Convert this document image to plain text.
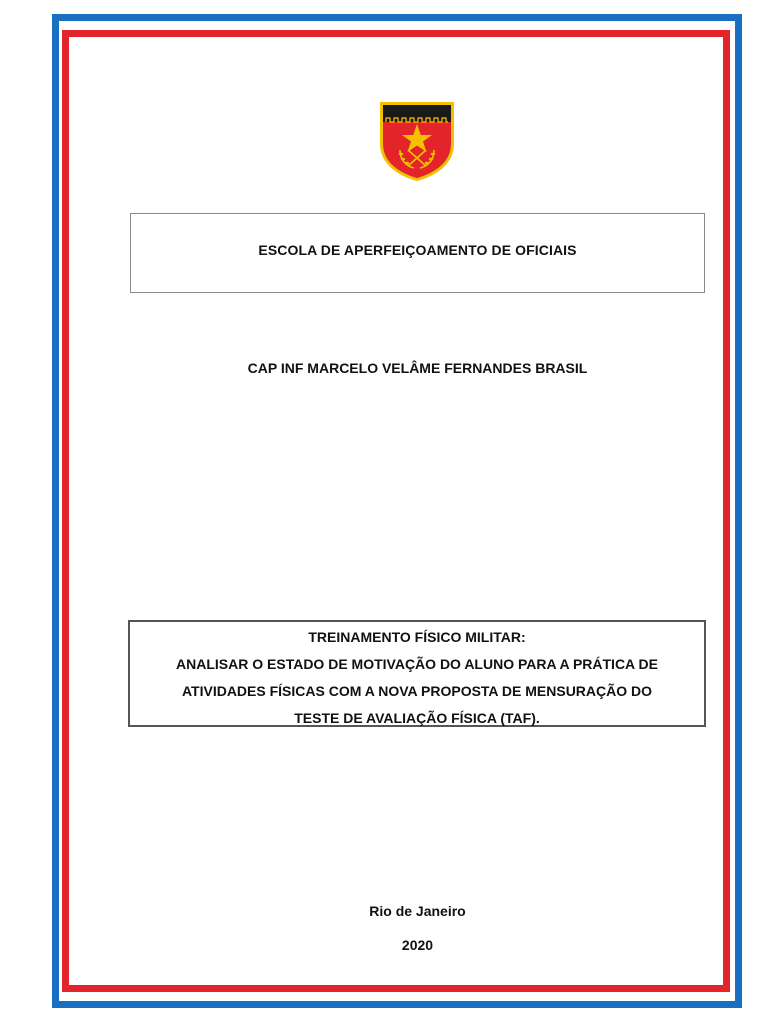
ESCOLA DE APERFEIÇOAMENTO DE OFICIAIS
CAP INF MARCELO VELÂME FERNANDES BRASIL
TREINAMENTO FÍSICO MILITAR:
ANALISAR O ESTADO DE MOTIVAÇÃO DO ALUNO PARA A PRÁTICA DE
ATIVIDADES FÍSICAS COM A NOVA PROPOSTA DE MENSURAÇÃO DO
TESTE DE AVALIAÇÃO FÍSICA (TAF).
Rio de Janeiro
2020
